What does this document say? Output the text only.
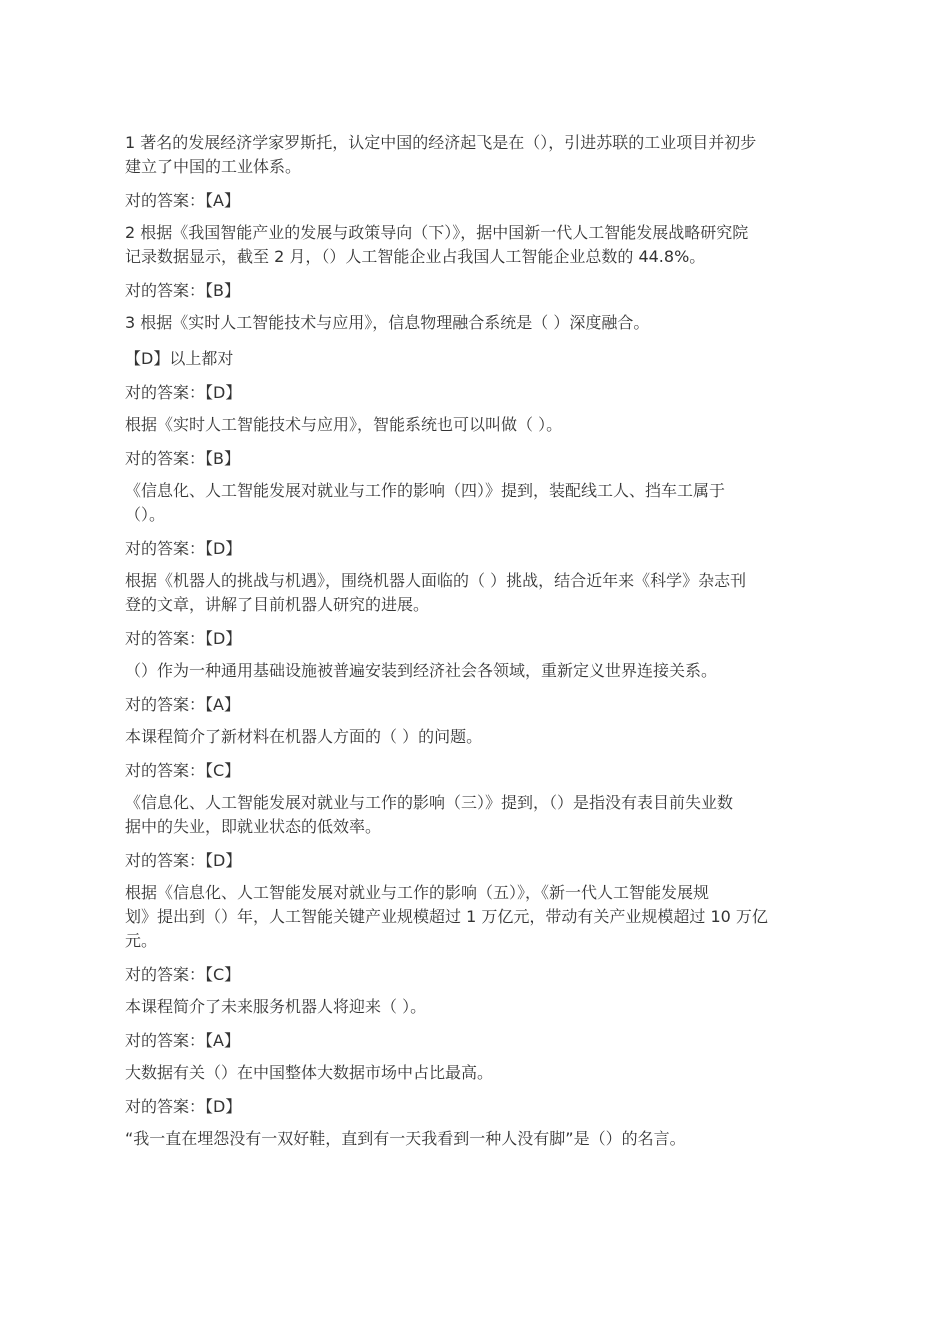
1 著名的发展经济学家罗斯托，认定中国的经济起飞是在（），引进苏联的工业项目并初步
建立了中国的工业体系。

对的答案：【A】

2 根据《我国智能产业的发展与政策导向（下）》，据中国新一代人工智能发展战略研究院
记录数据显示，截至 2 月，（）人工智能企业占我国人工智能企业总数的 44.8%。

对的答案：【B】

3 根据《实时人工智能技术与应用》，信息物理融合系统是（ ）深度融合。

【D】以上都对

对的答案：【D】

根据《实时人工智能技术与应用》，智能系统也可以叫做（ ）。

对的答案：【B】

《信息化、人工智能发展对就业与工作的影响（四）》提到，装配线工人、挡车工属于
（）。

对的答案：【D】

根据《机器人的挑战与机遇》，围绕机器人面临的（ ）挑战，结合近年来《科学》杂志刊
登的文章，讲解了目前机器人研究的进展。

对的答案：【D】

（）作为一种通用基础设施被普遍安装到经济社会各领域，重新定义世界连接关系。

对的答案：【A】

本课程简介了新材料在机器人方面的（ ）的问题。

对的答案：【C】

《信息化、人工智能发展对就业与工作的影响（三）》提到，（）是指没有表目前失业数
据中的失业，即就业状态的低效率。

对的答案：【D】

根据《信息化、人工智能发展对就业与工作的影响（五）》，《新一代人工智能发展规
划》提出到（）年，人工智能关键产业规模超过 1 万亿元，带动有关产业规模超过 10 万亿
元。

对的答案：【C】

本课程简介了未来服务机器人将迎来（ ）。

对的答案：【A】

大数据有关（）在中国整体大数据市场中占比最高。

对的答案：【D】

“我一直在埋怨没有一双好鞋，直到有一天我看到一种人没有脚”是（）的名言。
